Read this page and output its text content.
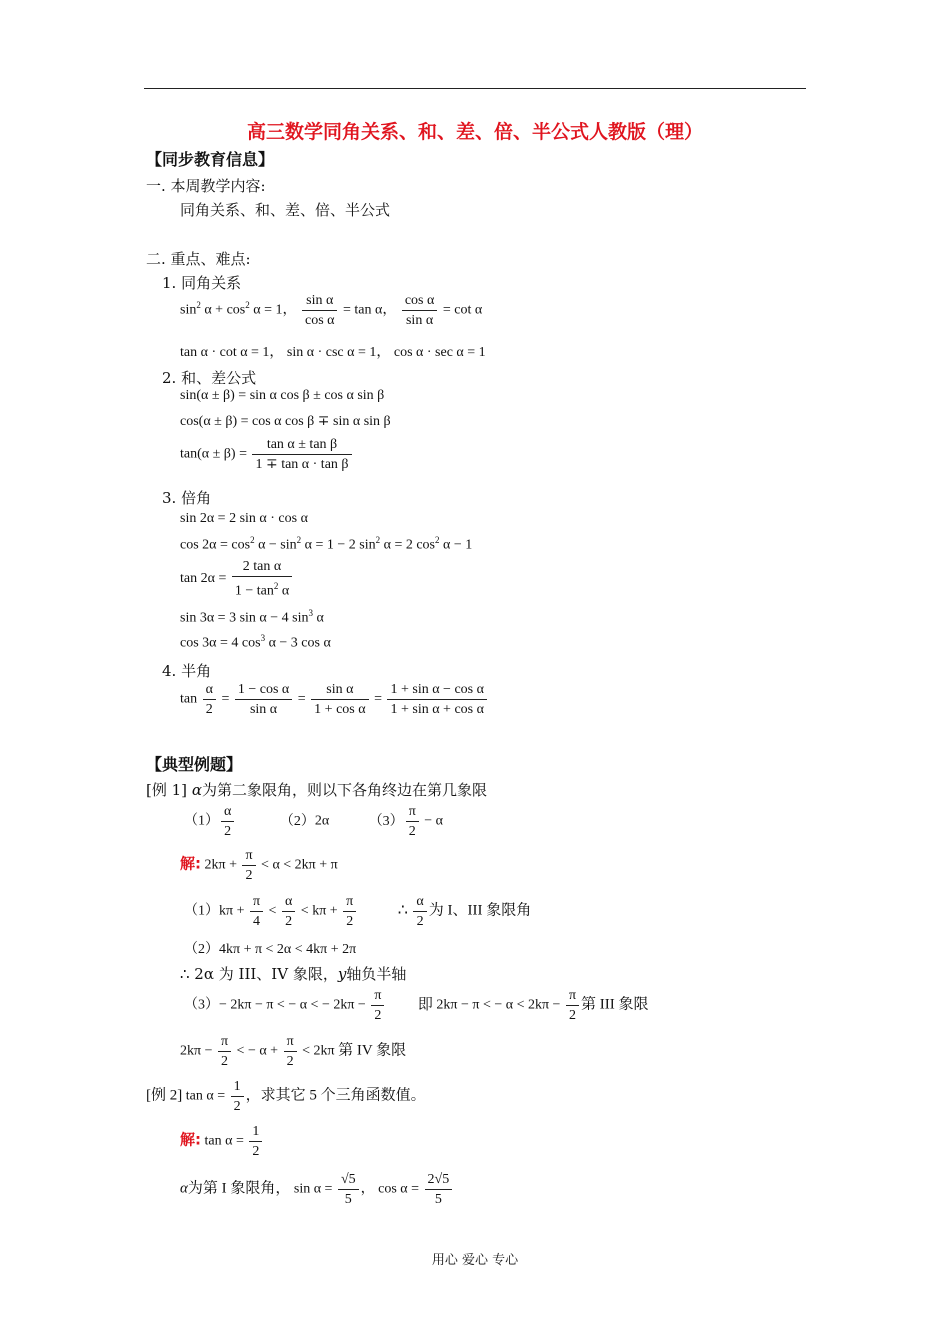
高三数学同角关系、和、差、倍、半公式人教版（理）
【同步教育信息】
一. 本周教学内容:
同角关系、和、差、倍、半公式
二. 重点、难点:
1. 同角关系
$\sin^2 \alpha + \cos^2 \alpha = 1$， $\frac{\text{sin α}}{\text{cos α}} = \tan \alpha$， $\frac{\text{cos α}}{\text{sin α}} = \cot \alpha$
tan α · cot α = 1， sin α · csc α = 1， cos α · sec α = 1
2. 和、差公式
sin(α ± β) = sin α cos β ± cos α sin β
cos(α ± β) = cos α cos β ∓ sin α sin β
$\tan(\alpha \pm \beta) = \frac{\text{tan α ± tan β}}{\text{1 ∓ tan α · tan β}}$
3. 倍角
sin 2α = 2 sin α · cos α
$\cos 2\alpha = \cos^2 \alpha - \sin^2 \alpha = 1 - 2$ $\sin^2 \alpha = 2$ $\cos^2 \alpha - 1$
$\tan 2\alpha = \frac{\text{2 tan α}}{1 - \tan^2 \alpha}$
sin 3α = 3 sin α − 4 $\sin^3 \alpha$
cos 3α = 4 $\cos^3 \alpha - 3$ cos α
4. 半角
$\tan \frac{\alpha}{2} = \frac{\text{1 − cos α}}{\text{sin α}} = \frac{\text{sin α}}{\text{1 + cos α}} = \frac{\text{1 + sin α − cos α}}{\text{1 + sin α + cos α}}$
【典型例题】
[例 1] α为第二象限角，则以下各角终边在第几象限
$(1) \frac{\alpha}{2}$	（2）2α	$(3) \frac{\pi}{2} - \alpha$
解: $2k\pi + \frac{\pi}{2} < \alpha < 2k\pi + \pi$
$(1)k\pi + \frac{\pi}{4} < \frac{\alpha}{2} < k\pi + \frac{\pi}{2}$	∴ $\frac{\alpha}{2}$ 为 I、III 象限角
（2）4kπ + π < 2α < 4kπ + 2π
∴ 2α 为 III、IV 象限，y轴负半轴
（3）− 2kπ − π < − α < − $2k\pi - \frac{\pi}{2}$ 即 2kπ − π < − $\alpha < 2k\pi - \frac{\pi}{2}$ 第 III 象限
$2k\pi - \frac{\pi}{2}$ < − $\alpha + \frac{\pi}{2} < 2k\pi$ 第 IV 象限
[例 2] $\tan \alpha = \frac{1}{2}$ ，求其它 5 个三角函数值。
解: $\tan \alpha = \frac{1}{2}$
α为第 I 象限角， $\sin \alpha = \frac{√5}{5}$ ， $\cos \alpha = \frac{2√5}{5}$
用心 爱心 专心
